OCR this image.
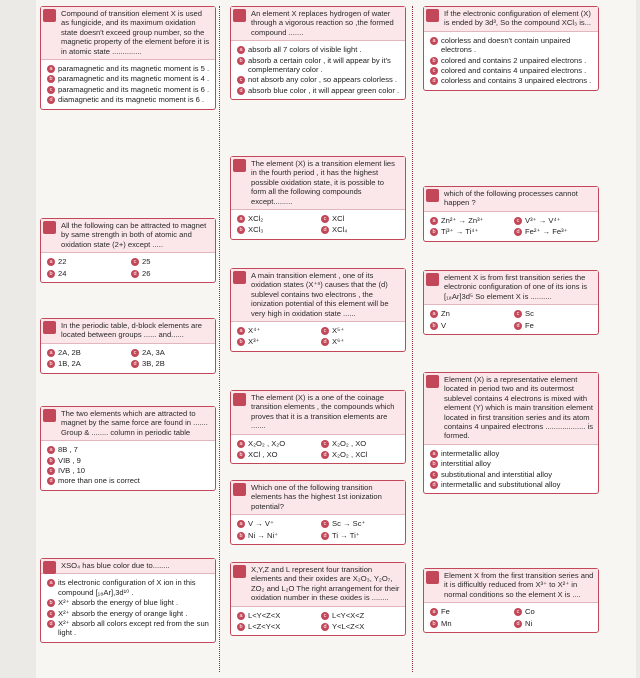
Compound of transition element X is used as fungicide, and its maximum oxidation state doesn't exceed group number, so the magnetic property of the element before it is in atomic state ..............
a paramagnetic and its magnetic moment is 5 .
b paramagnetic and its magnetic moment is 4 .
c paramagnetic and its magnetic moment is 6 .
d diamagnetic and its magnetic moment is 6 .
All the following can be attracted to magnet by same strength in both of atomic and oxidation state (2+) except .....
a 22	c 25
b 24	d 26
In the periodic table, d-block elements are located between groups ...... and......
a 2A, 2B	c 2A, 3A
b 1B, 2A	d 3B, 2B
The two elements which are attracted to magnet by the same force are found in ....... Group & ........ column in periodic table
a 8B , 7
b VIB , 9
c IVB , 10
d more than one is correct
XSO₄ has blue color due to........
a its electronic configuration of X ion in this compound [₁₈Ar],3d¹⁰ .
b X²⁺ absorb the energy of blue light .
c X²⁺ absorb the energy of orange light .
d X²⁺ absorb all colors except red from the sun light .
An element X replaces hydrogen of water through a vigorous reaction so ,the formed compound .......
a absorb all 7 colors of visible light .
b absorb a certain color , it will appear by it's complementary color .
c not absorb any color , so appears colorless .
d absorb blue color , it will appear green color .
The element (X) is a transition element lies in the fourth period , it has the highest possible oxidation state, it is possible to form all the following compounds except.........
a XCl₂	c XCl
b XCl₃	d XCl₄
A main transition element , one of its oxidation states (X⁺ⁿ) causes that the (d) sublevel contains two electrons , the ionization potential of this element will be very high in oxidation state ......
a X⁴⁺	c X⁵⁺
b X³⁺	d X⁶⁺
The element (X) is a one of the coinage transition elements , the compounds which proves that it is a transition elements are .......
a X₂O₂ , X₂O	c X₂O₂ , XO
b XCl , XO	d X₂O₂ , XCl
Which one of the following transition elements has the highest 1st ionization potential?
a V → V⁺	c Sc → Sc⁺
b Ni → Ni⁺	d Ti → Ti⁺
X,Y,Z and L represent four transition elements and their oxides are X₂O₃, Y₂O₇, ZO₂ and L₂O The right arrangement for their oxidation number in these oxides is ........
a L<Y<Z<X	c L<Y<X<Z
b L<Z<Y<X	d Y<L<Z<X
If the electronic configuration of element (X) is ended by 3d³, So the compound XCl₃ is...
a colorless and doesn't contain unpaired electrons .
b colored and contains 2 unpaired electrons .
c colored and contains 4 unpaired electrons .
d colorless and contains 3 unpaired electrons .
which of the following processes cannot happen ?
a Zn²⁺ → Zn³⁺	c V³⁺ → V⁴⁺
b Ti³⁺ → Ti⁴⁺	d Fe²⁺ → Fe³⁺
element X is from first transition series the electronic configuration of one of its ions is [₁₈Ar]3d⁵ So element X is ..........
a Zn	c Sc
b V	d Fe
Element (X) is a representative element located in period two and its outermost sublevel contains 4 electrons is mixed with element (Y) which is main transition element located in first transition series and its atom contains 4 unpaired electrons ................... is formed.
a intermetallic alloy
b interstitial alloy
c substitutional and interstitial alloy
d intermetallic and substitutional alloy
Element X from the first transition series and it is difficultly reduced from X³⁺ to X²⁺ in normal conditions so the element X is ....
a Fe	c Co
b Mn	d Ni
